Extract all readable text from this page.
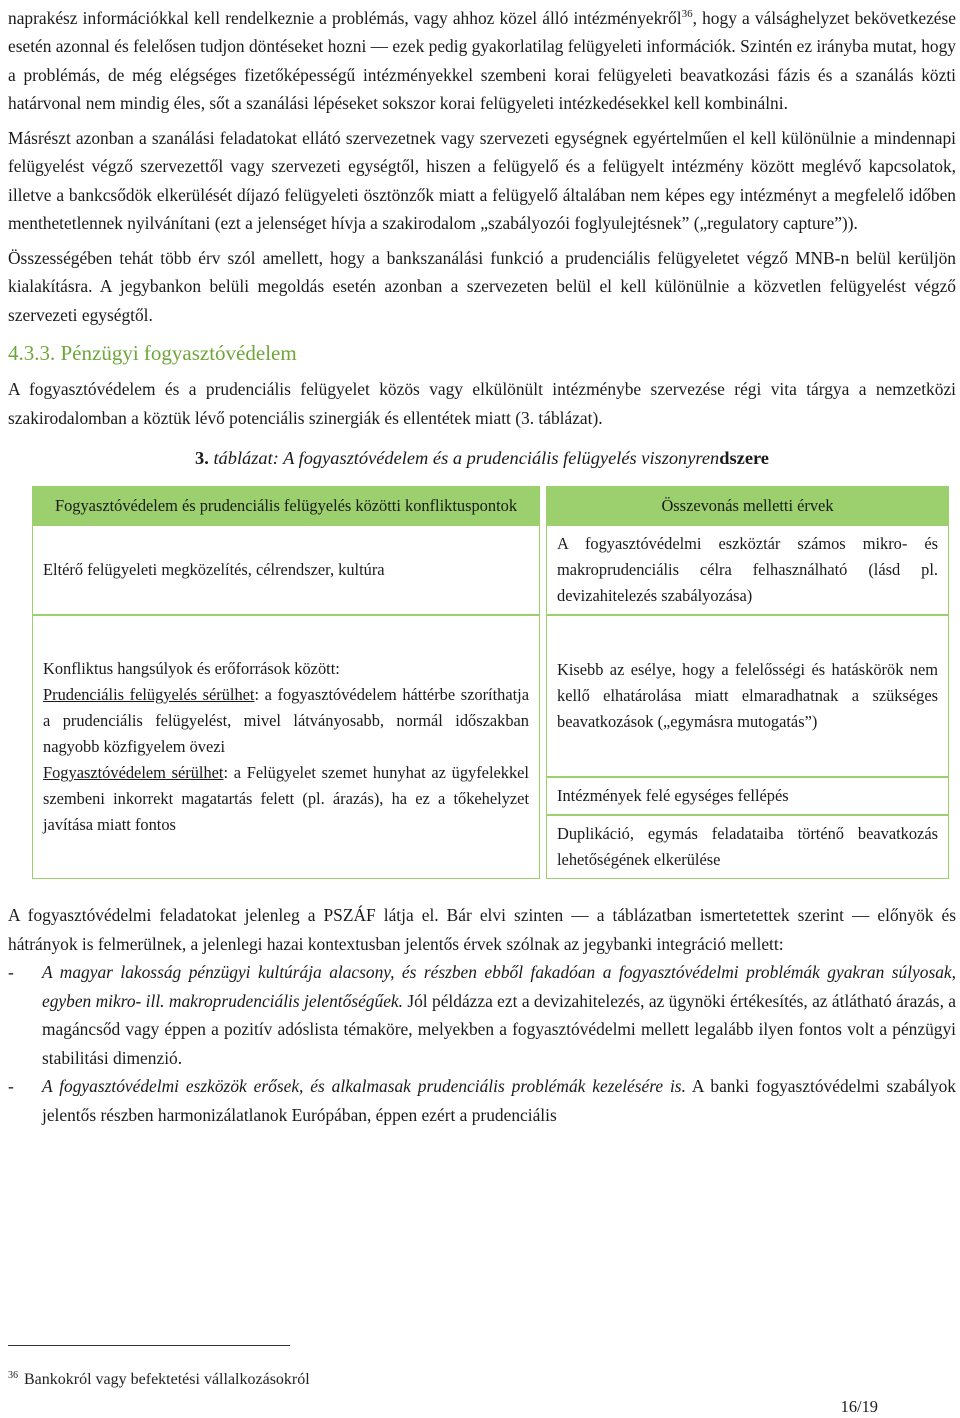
naprakész információkkal kell rendelkeznie a problémás, vagy ahhoz közel álló intézményekről$^{36}$, hogy a válsághelyzet bekövetkezése esetén azonnal és felelősen tudjon döntéseket hozni — ezek pedig gyakorlatilag felügyeleti információk. Szintén ez irányba mutat, hogy a problémás, de még elégséges fizetőképességű intézményekkel szembeni korai felügyeleti beavatkozási fázis és a szanálás közti határvonal nem mindig éles, sőt a szanálási lépéseket sokszor korai felügyeleti intézkedésekkel kell kombinálni.

Másrészt azonban a szanálási feladatokat ellátó szervezetnek vagy szervezeti egységnek egyértelműen el kell különülnie a mindennapi felügyelést végző szervezettől vagy szervezeti egységtől, hiszen a felügyelő és a felügyelt intézmény között meglévő kapcsolatok, illetve a bankcsődök elkerülését díjazó felügyeleti ösztönzők miatt a felügyelő általában nem képes egy intézményt a megfelelő időben menthetetlennek nyilvánítani (ezt a jelenséget hívja a szakirodalom „szabályozói foglyulejtésnek” („regulatory capture”)).

Összességében tehát több érv szól amellett, hogy a bankszanálási funkció a prudenciális felügyeletet végző MNB-n belül kerüljön kialakításra. A jegybankon belüli megoldás esetén azonban a szervezeten belül el kell különülnie a közvetlen felügyelést végző szervezeti egységtől.

4.3.3. Pénzügyi fogyasztóvédelem

A fogyasztóvédelem és a prudenciális felügyelet közös vagy elkülönült intézménybe szervezése régi vita tárgya a nemzetközi szakirodalomban a köztük lévő potenciális szinergiák és ellentétek miatt (3. táblázat).

3. táblázat: A fogyasztóvédelem és a prudenciális felügyelés viszonyrendszere
Fogyasztóvédelem és prudenciális felügyelés közötti konfliktuspontok		Összevonás melletti érvek
Eltérő felügyeleti megközelítés, célrendszer, kultúra		A fogyasztóvédelmi eszköztár számos mikro- és makroprudenciális célra felhasználható (lásd pl. devizahitelezés szabályozása)

Konfliktus hangsúlyok és erőforrások között:
Prudenciális felügyelés sérülhet: a fogyasztóvédelem háttérbe szoríthatja a prudenciális felügyelést, mivel látványosabb, normál időszakban nagyobb közfigyelem övezi
Fogyasztóvédelem sérülhet: a Felügyelet szemet hunyhat az ügyfelekkel szembeni inkorrekt magatartás felett (pl. árazás), ha ez a tőkehelyzet javítása miatt fontos		Kisebb az esélye, hogy a felelősségi és hatáskörök nem kellő elhatárolása miatt elmaradhatnak a szükséges beavatkozások („egymásra mutogatás”)
		Intézmények felé egységes fellépés
		Duplikáció, egymás feladataiba történő beavatkozás lehetőségének elkerülése

A fogyasztóvédelmi feladatokat jelenleg a PSZÁF látja el. Bár elvi szinten — a táblázatban ismertetettek szerint — előnyök és hátrányok is felmerülnek, a jelenlegi hazai kontextusban jelentős érvek szólnak az jegybanki integráció mellett:

- A magyar lakosság pénzügyi kultúrája alacsony, és részben ebből fakadóan a fogyasztóvédelmi problémák gyakran súlyosak, egyben mikro- ill. makroprudenciális jelentőségűek. Jól példázza ezt a devizahitelezés, az ügynöki értékesítés, az átlátható árazás, a magáncsőd vagy éppen a pozitív adóslista témaköre, melyekben a fogyasztóvédelmi mellett legalább ilyen fontos volt a pénzügyi stabilitási dimenzió.
- A fogyasztóvédelmi eszközök erősek, és alkalmasak prudenciális problémák kezelésére is. A banki fogyasztóvédelmi szabályok jelentős részben harmonizálatlanok Európában, éppen ezért a prudenciális
$^{36}$ Bankokról vagy befektetési vállalkozásokról
16/19
